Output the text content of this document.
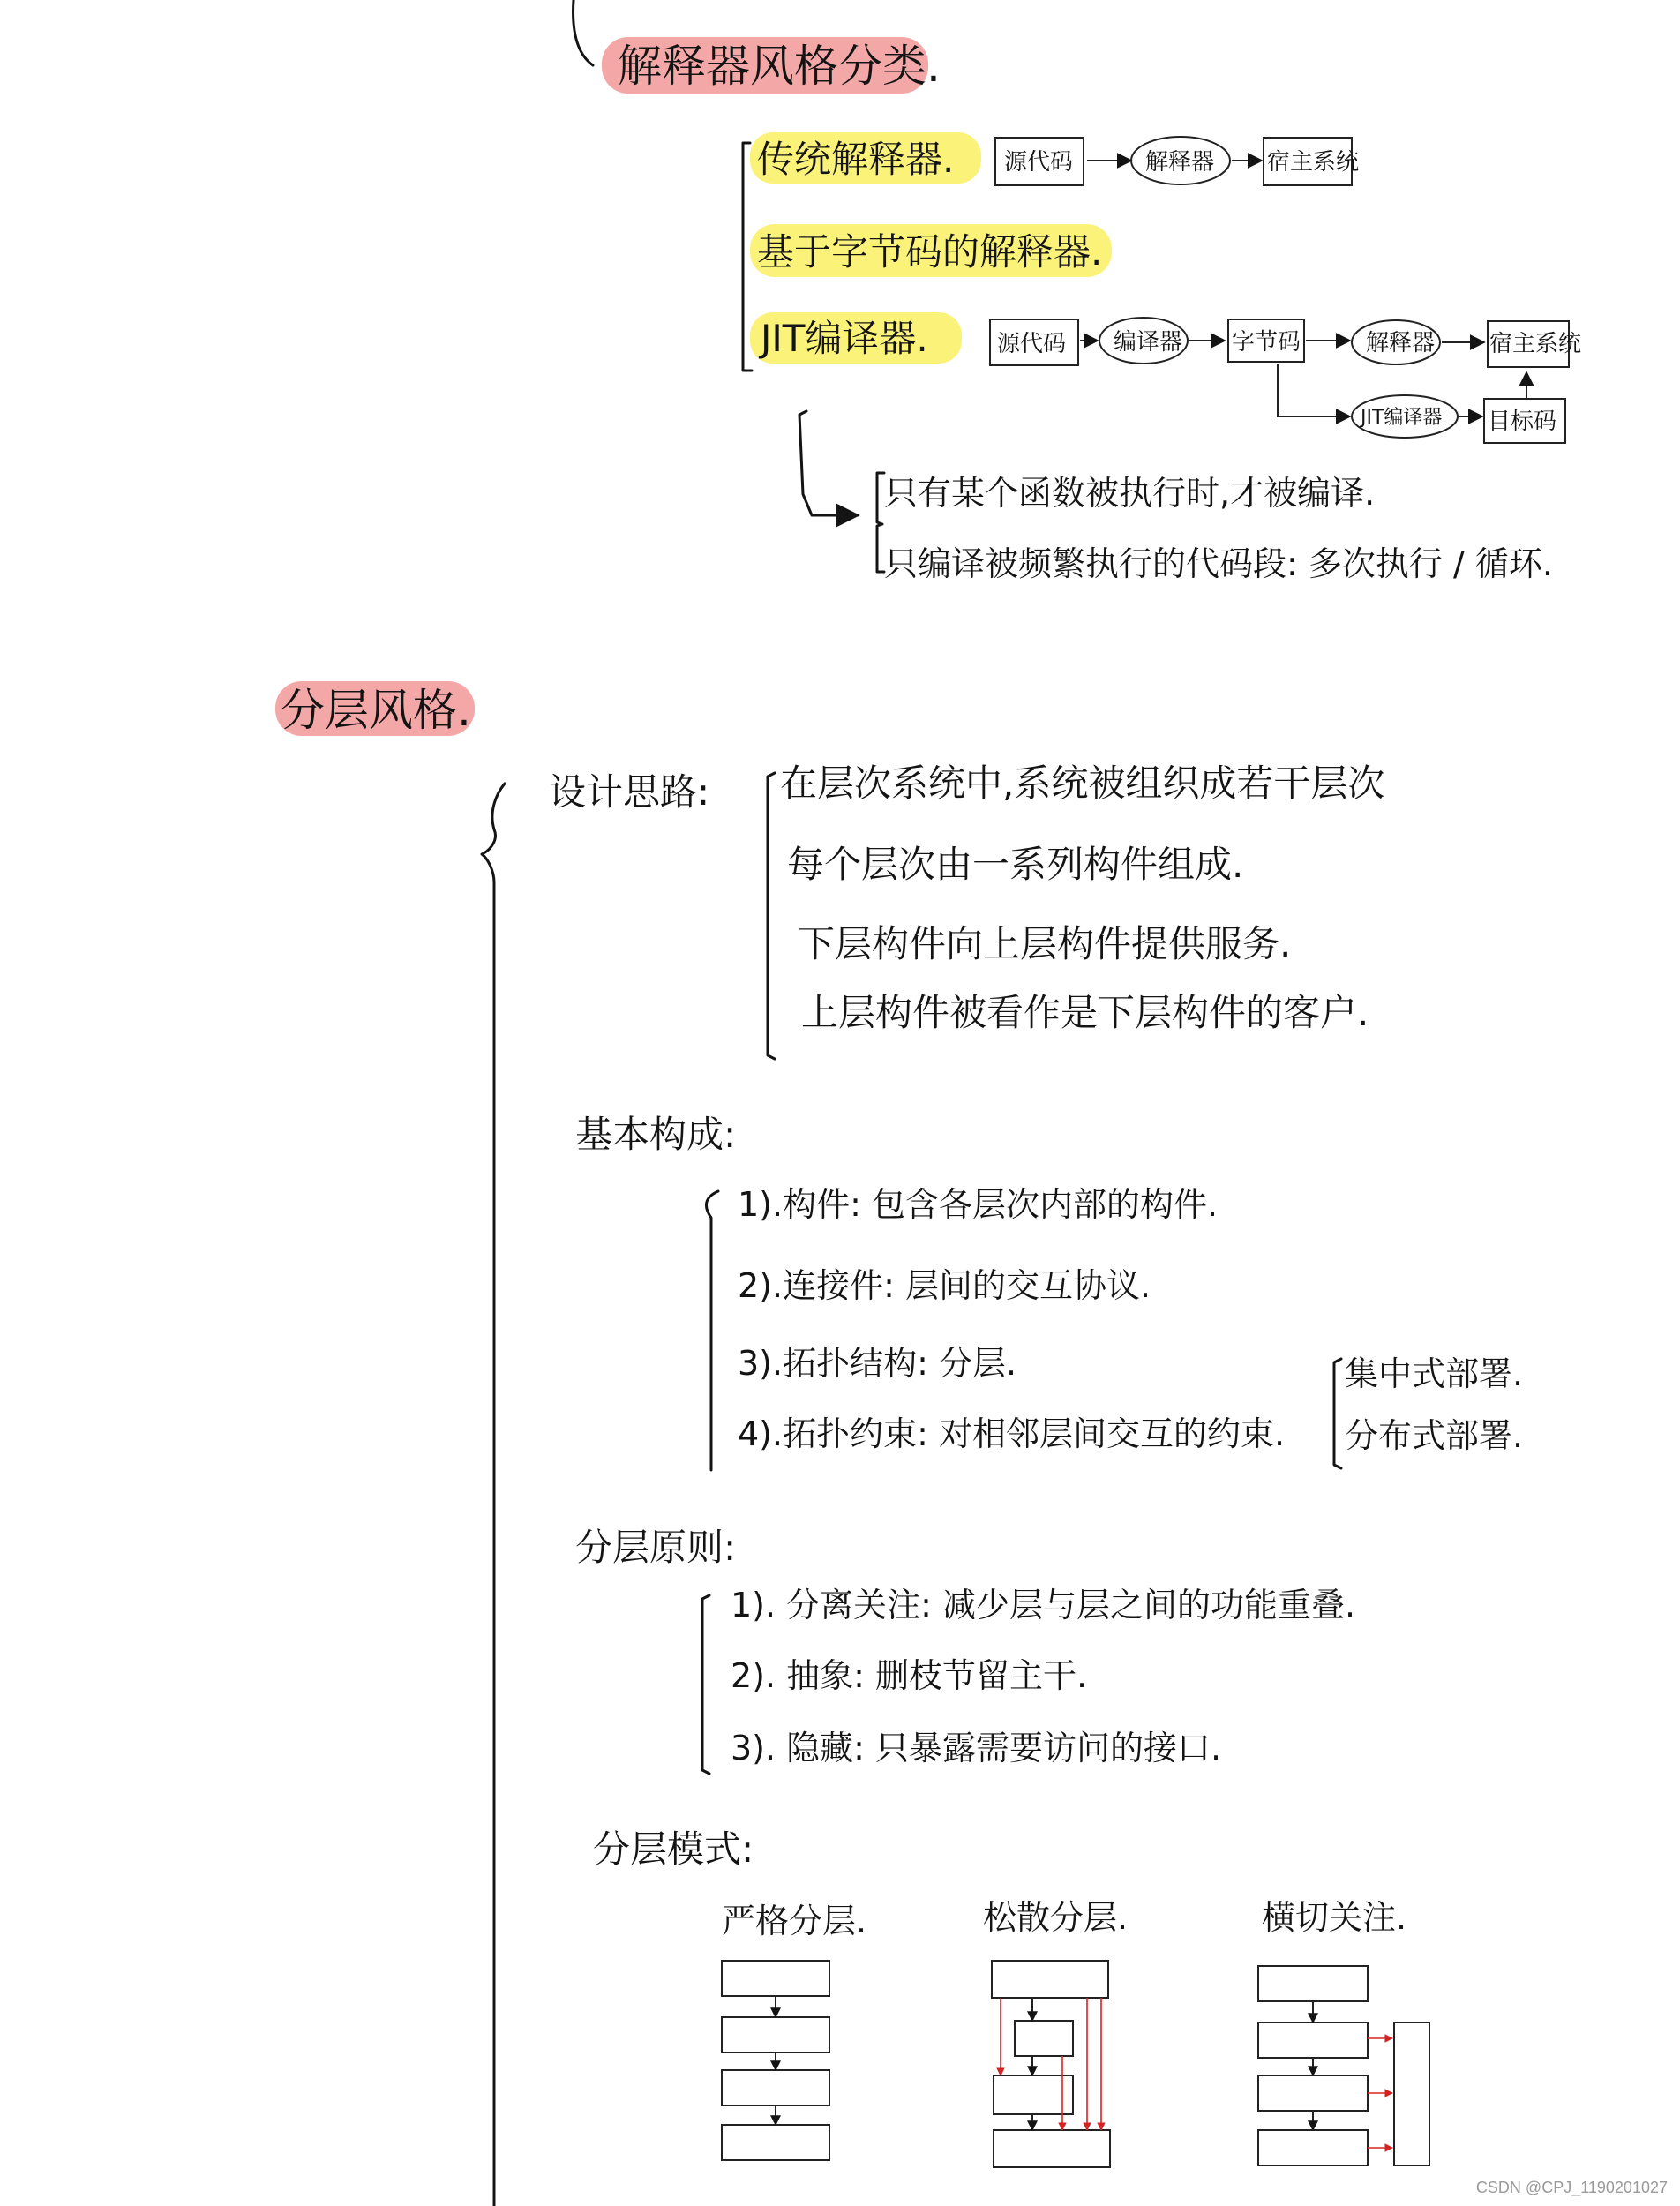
解释器风格分类.
传统解释器.
基于字节码的解释器.
JIT编译器.
源代码	解释器 宿主系统
源代码 编译器 字节码	解释器 宿主系统
JIT编译器 目标码
只有某个函数被执行时,才被编译.
只编译被频繁执行的代码段: 多次执行 / 循环.
分层风格.
设计思路: 在层次系统中,系统被组织成若干层次
每个层次由一系列构件组成.
下层构件向上层构件提供服务.
上层构件被看作是下层构件的客户.
基本构成:
1).构件: 包含各层次内部的构件.
2).连接件: 层间的交互协议.
3).拓扑结构: 分层.
4).拓扑约束: 对相邻层间交互的约束.
集中式部署.
分布式部署.
分层原则:
1). 分离关注: 减少层与层之间的功能重叠.
2). 抽象: 删枝节留主干.
3). 隐藏: 只暴露需要访问的接口.
分层模式:
严格分层.	松散分层.	横切关注.
CSDN @CPJ_1190201027
